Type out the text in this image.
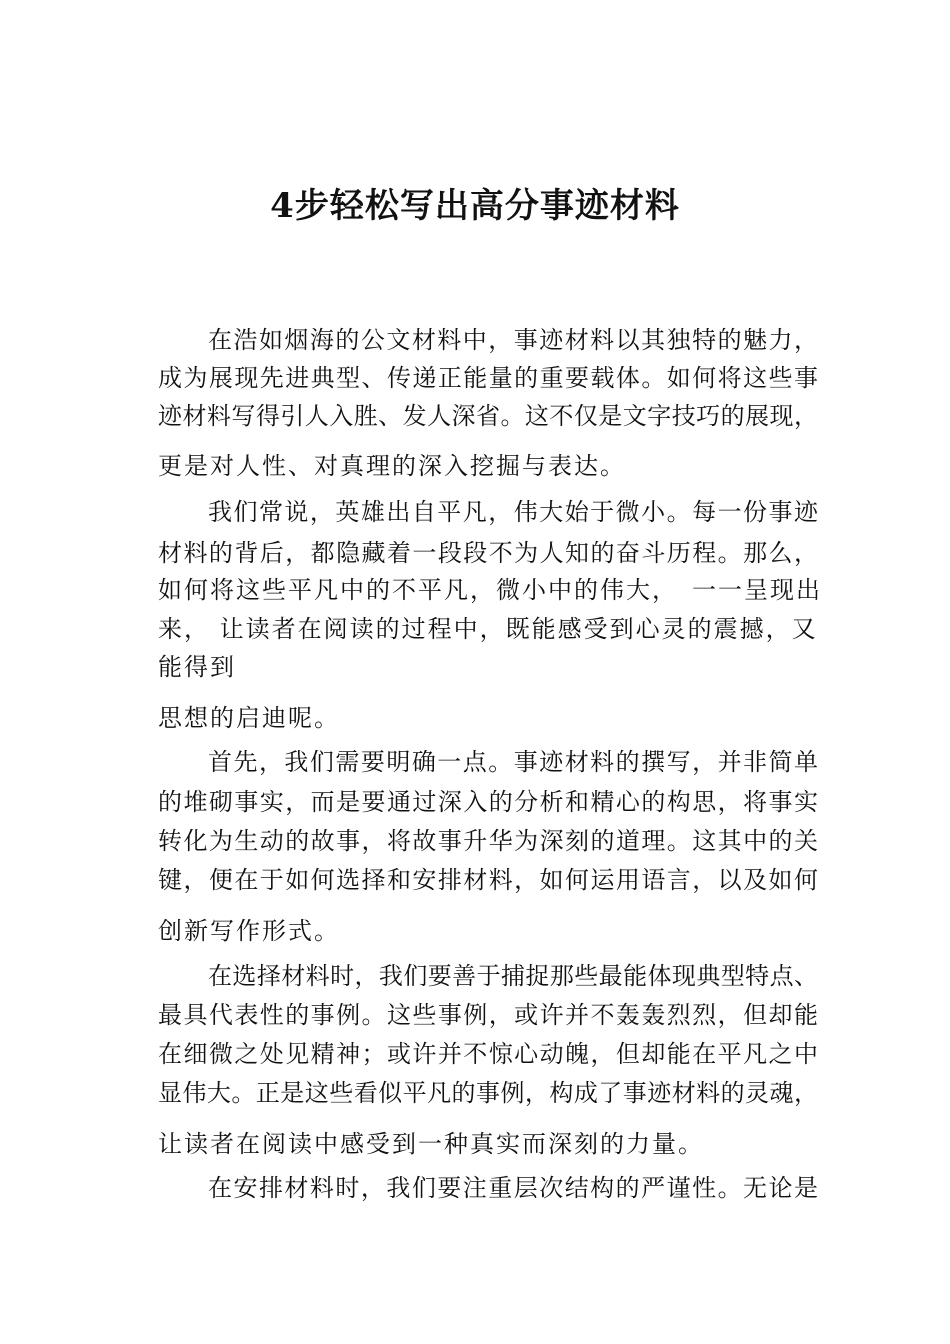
4步轻松写出高分事迹材料
在浩如烟海的公文材料中，事迹材料以其独特的魅力，
成为展现先进典型、传递正能量的重要载体。如何将这些事
迹材料写得引人入胜、发人深省。这不仅是文字技巧的展现，
更是对人性、对真理的深入挖掘与表达。
我们常说，英雄出自平凡，伟大始于微小。每一份事迹
材料的背后，都隐藏着一段段不为人知的奋斗历程。那么，
如何将这些平凡中的不平凡，微小中的伟大，　一一呈现出
来， 让读者在阅读的过程中，既能感受到心灵的震撼，又
能得到
思想的启迪呢。
首先，我们需要明确一点。事迹材料的撰写，并非简单
的堆砌事实，而是要通过深入的分析和精心的构思，将事实
转化为生动的故事，将故事升华为深刻的道理。这其中的关
键，便在于如何选择和安排材料，如何运用语言，以及如何
创新写作形式。
在选择材料时，我们要善于捕捉那些最能体现典型特点、
最具代表性的事例。这些事例，或许并不轰轰烈烈，但却能
在细微之处见精神；或许并不惊心动魄，但却能在平凡之中
显伟大。正是这些看似平凡的事例，构成了事迹材料的灵魂，
让读者在阅读中感受到一种真实而深刻的力量。
在安排材料时，我们要注重层次结构的严谨性。无论是
